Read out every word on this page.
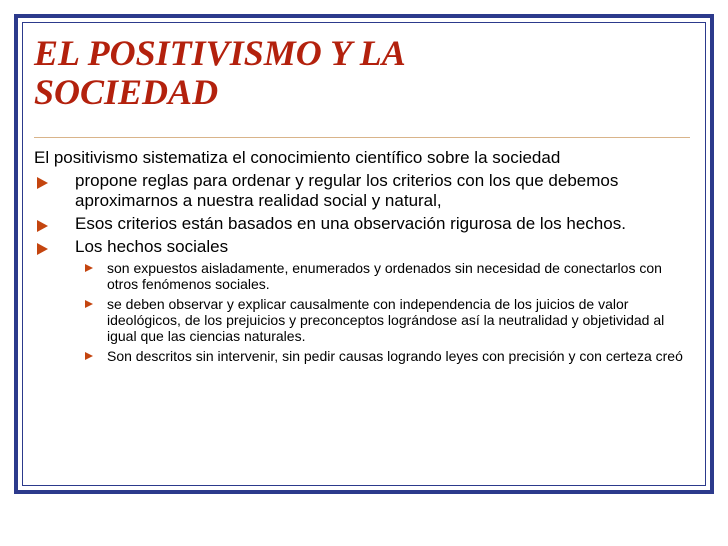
EL POSITIVISMO Y LA
SOCIEDAD

El positivismo sistematiza el conocimiento científico sobre la sociedad

propone reglas para ordenar y regular los criterios con los que debemos aproximarnos a nuestra realidad social y natural,
Esos criterios están basados en una observación rigurosa de los hechos.
Los hechos sociales
son expuestos aisladamente, enumerados y ordenados sin necesidad de conectarlos con otros fenómenos sociales.
se deben observar y explicar causalmente con independencia de los juicios de valor ideológicos, de los prejuicios y preconceptos lográndose así la neutralidad y objetividad al igual que las ciencias naturales.
Son descritos sin intervenir, sin pedir causas logrando leyes con precisión y con certeza creó
